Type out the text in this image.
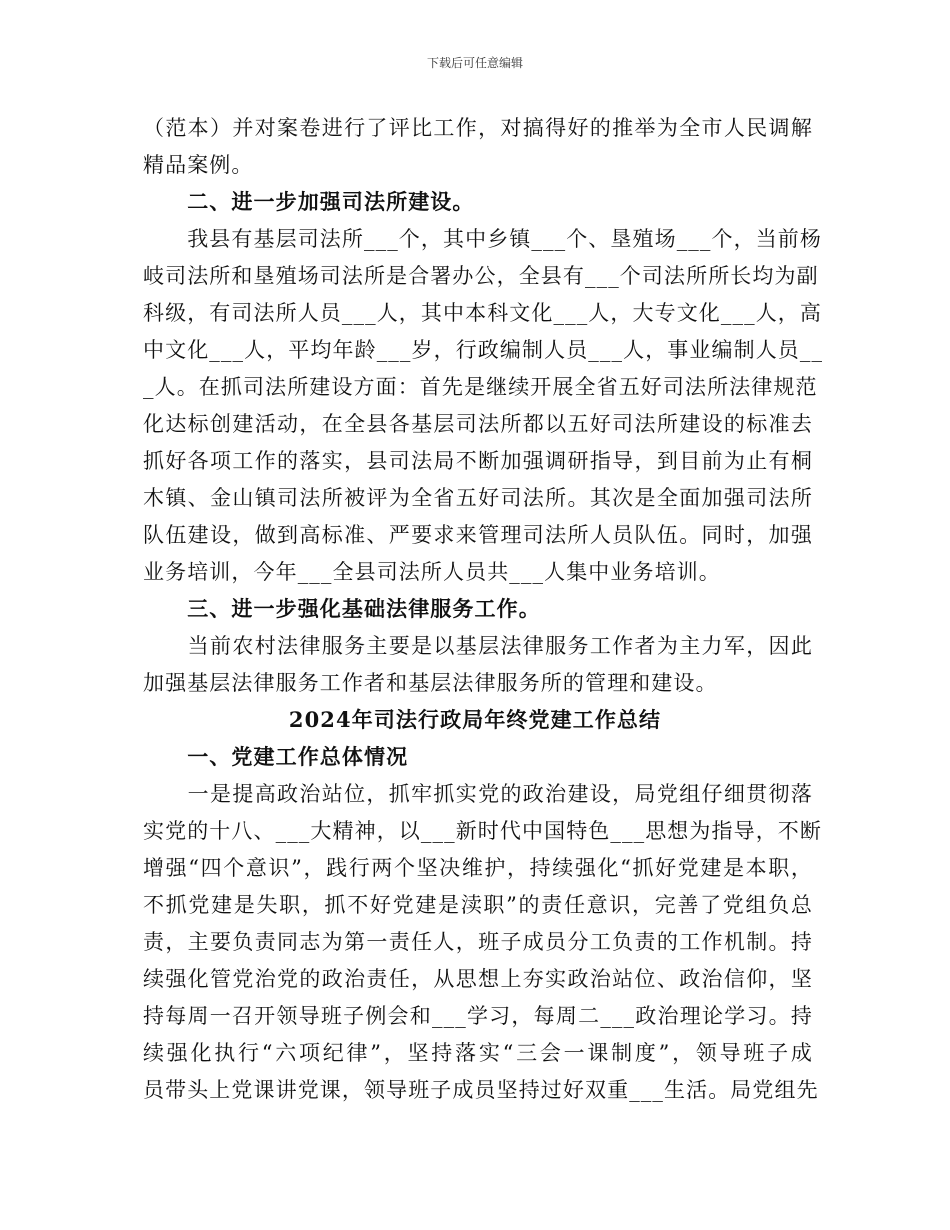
下载后可任意编辑
（范本）并对案卷进行了评比工作，对搞得好的推举为全市人民调解
精品案例。
　　二、进一步加强司法所建设。
　　我县有基层司法所___个，其中乡镇___个、垦殖场___个，当前杨
岐司法所和垦殖场司法所是合署办公，全县有___个司法所所长均为副
科级，有司法所人员___人，其中本科文化___人，大专文化___人，高
中文化___人，平均年龄___岁，行政编制人员___人，事业编制人员__
_人。在抓司法所建设方面：首先是继续开展全省五好司法所法律规范
化达标创建活动，在全县各基层司法所都以五好司法所建设的标准去
抓好各项工作的落实，县司法局不断加强调研指导，到目前为止有桐
木镇、金山镇司法所被评为全省五好司法所。其次是全面加强司法所
队伍建设，做到高标准、严要求来管理司法所人员队伍。同时，加强
业务培训，今年___全县司法所人员共___人集中业务培训。
　　三、进一步强化基础法律服务工作。
　　当前农村法律服务主要是以基层法律服务工作者为主力军，因此
加强基层法律服务工作者和基层法律服务所的管理和建设。
2024年司法行政局年终党建工作总结
　　一、党建工作总体情况
　　一是提高政治站位，抓牢抓实党的政治建设，局党组仔细贯彻落
实党的十八、___大精神，以___新时代中国特色___思想为指导，不断
增强“四个意识”，践行两个坚决维护，持续强化“抓好党建是本职，
不抓党建是失职，抓不好党建是渎职”的责任意识，完善了党组负总
责，主要负责同志为第一责任人，班子成员分工负责的工作机制。持
续强化管党治党的政治责任，从思想上夯实政治站位、政治信仰，坚
持每周一召开领导班子例会和___学习，每周二___政治理论学习。持
续强化执行“六项纪律”，坚持落实“三会一课制度”，领导班子成
员带头上党课讲党课，领导班子成员坚持过好双重___生活。局党组先
